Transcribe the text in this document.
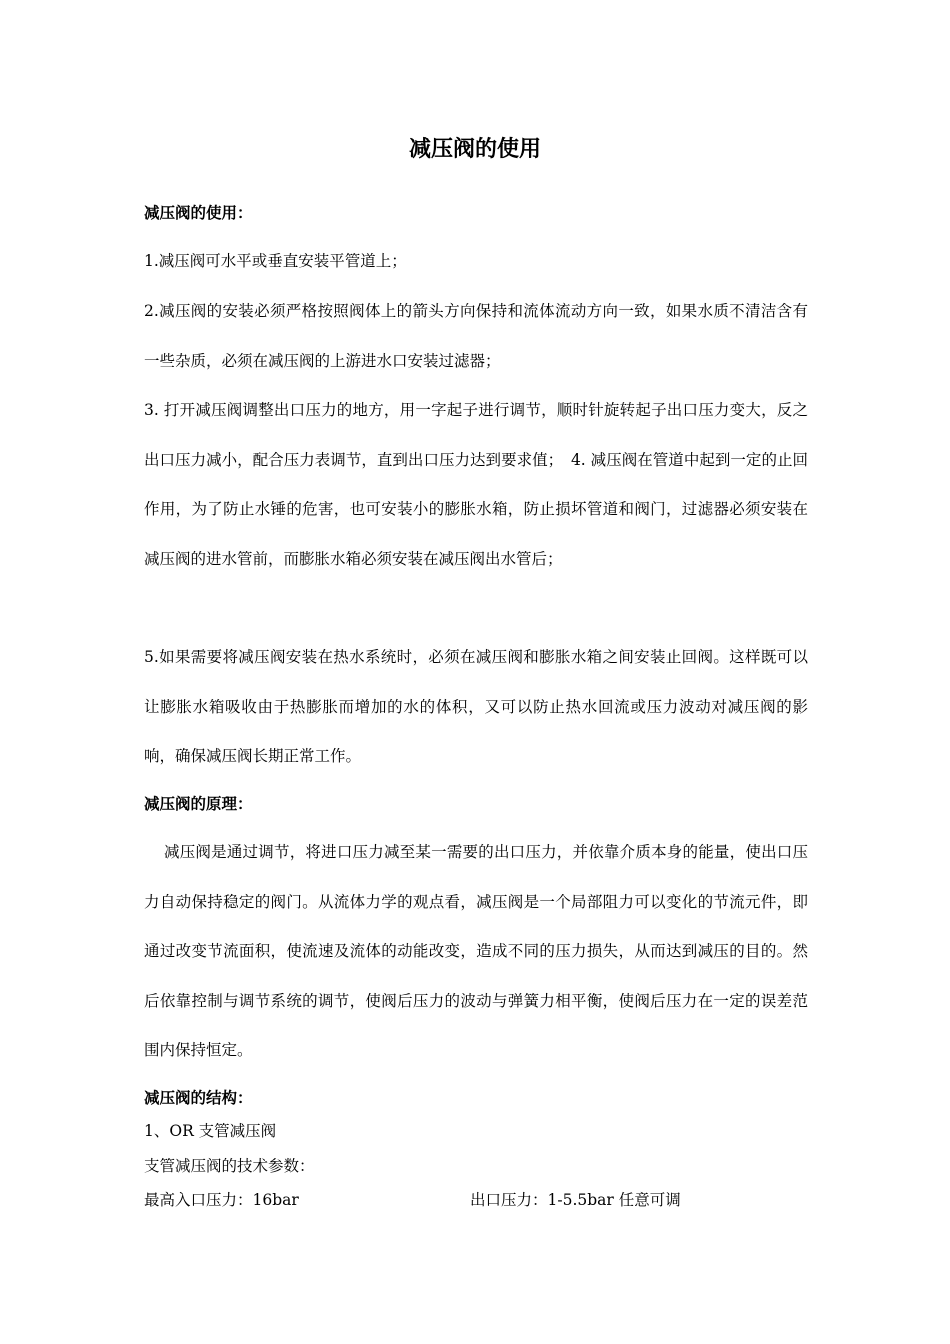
减压阀的使用
减压阀的使用：
1.减压阀可水平或垂直安装平管道上；
2.减压阀的安装必须严格按照阀体上的箭头方向保持和流体流动方向一致，如果水质不清洁含有一些杂质，必须在减压阀的上游进水口安装过滤器；
3. 打开减压阀调整出口压力的地方，用一字起子进行调节，顺时针旋转起子出口压力变大，反之出口压力减小，配合压力表调节，直到出口压力达到要求值；　4. 减压阀在管道中起到一定的止回作用，为了防止水锤的危害，也可安装小的膨胀水箱，防止损坏管道和阀门，过滤器必须安装在减压阀的进水管前，而膨胀水箱必须安装在减压阀出水管后；
5.如果需要将减压阀安装在热水系统时，必须在减压阀和膨胀水箱之间安装止回阀。这样既可以让膨胀水箱吸收由于热膨胀而增加的水的体积，又可以防止热水回流或压力波动对减压阀的影响，确保减压阀长期正常工作。
减压阀的原理：
减压阀是通过调节，将进口压力减至某一需要的出口压力，并依靠介质本身的能量，使出口压力自动保持稳定的阀门。从流体力学的观点看，减压阀是一个局部阻力可以变化的节流元件，即通过改变节流面积，使流速及流体的动能改变，造成不同的压力损失，从而达到减压的目的。然后依靠控制与调节系统的调节，使阀后压力的波动与弹簧力相平衡，使阀后压力在一定的误差范围内保持恒定。
减压阀的结构：
1、OR 支管减压阀
支管减压阀的技术参数：
最高入口压力：16bar	出口压力：1-5.5bar 任意可调
